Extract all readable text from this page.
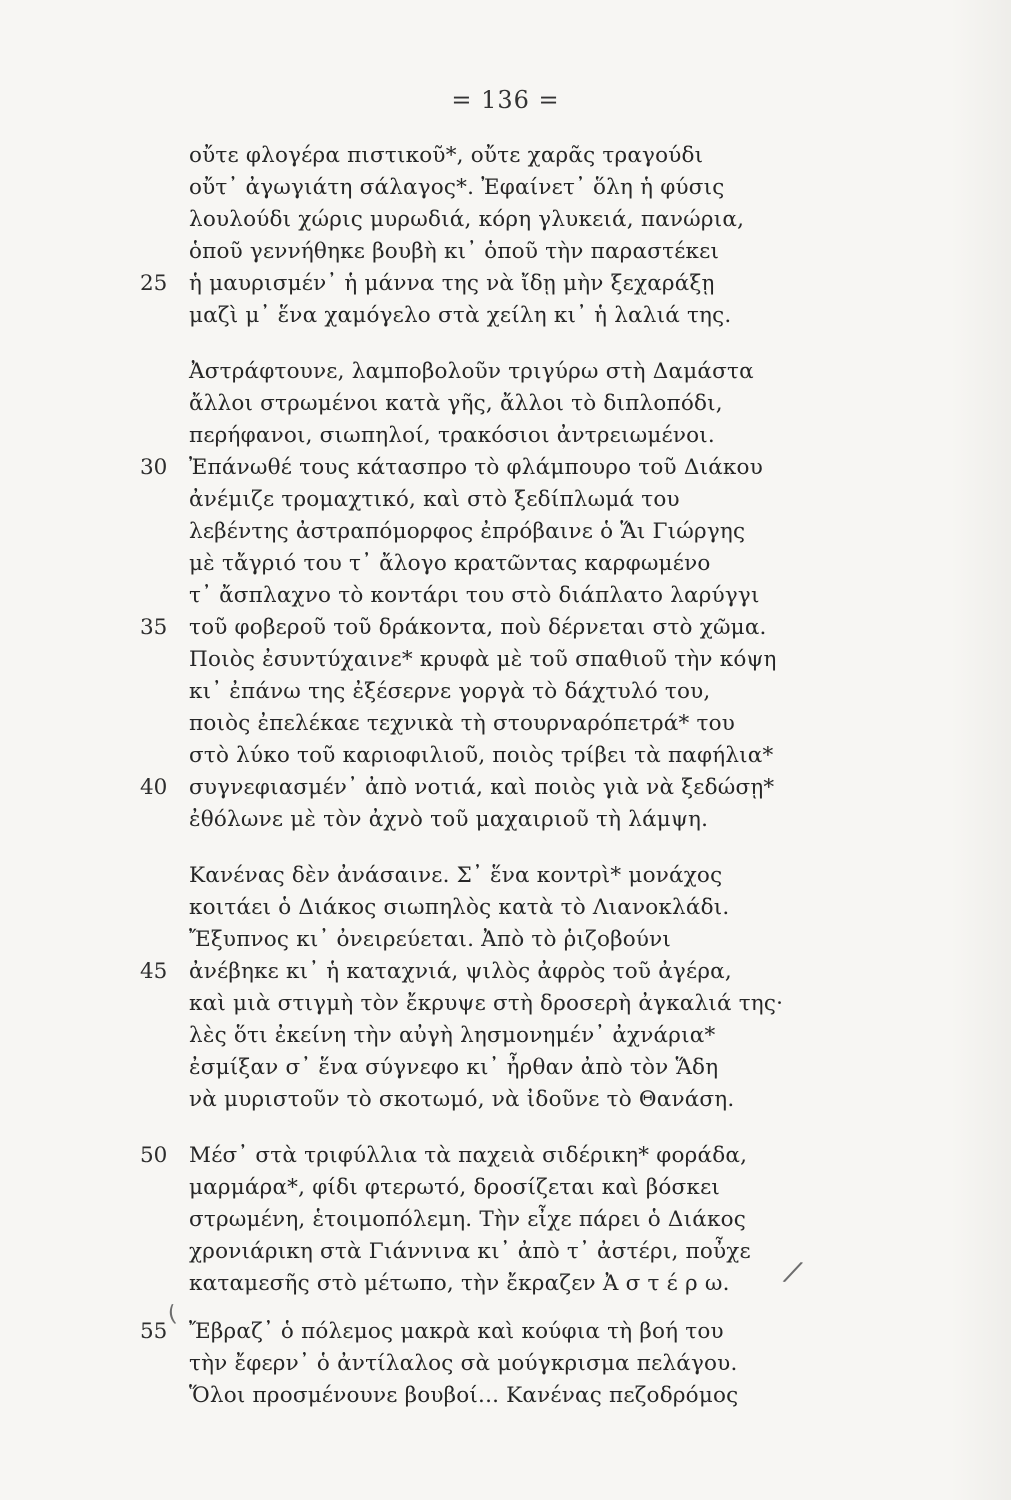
= 136 =
οὔτε φλογέρα πιστικοῦ*, οὔτε χαρᾶς τραγούδι
οὔτ᾿ ἀγωγιάτη σάλαγος*. Ἐφαίνετ᾿ ὅλη ἡ φύσις
λουλούδι χώρις μυρωδιά, κόρη γλυκειά, πανώρια,
ὁποῦ γεννήθηκε βουβὴ κι᾿ ὁποῦ τὴν παραστέκει
25 ἡ μαυρισμέν᾿ ἡ μάννα της νὰ ἴδῃ μὴν ξεχαράξῃ
μαζὶ μ᾿ ἕνα χαμόγελο στὰ χείλη κι᾿ ἡ λαλιά της.
Ἀστράφτουνε, λαμποβολοῦν τριγύρω στὴ Δαμάστα
ἄλλοι στρωμένοι κατὰ γῆς, ἄλλοι τὸ διπλοπόδι,
περήφανοι, σιωπηλοί, τρακόσιοι ἀντρειωμένοι.
30 Ἐπάνωθέ τους κάτασπρο τὸ φλάμπουρο τοῦ Διάκου
ἀνέμιζε τρομαχτικό, καὶ στὸ ξεδίπλωμά του
λεβέντης ἀστραπόμορφος ἐπρόβαινε ὁ Ἅι Γιώργης
μὲ τἄγριό του τ᾿ ἄλογο κρατῶντας καρφωμένο
τ᾿ ἄσπλαχνο τὸ κοντάρι του στὸ διάπλατο λαρύγγι
35 τοῦ φοβεροῦ τοῦ δράκοντα, ποὺ δέρνεται στὸ χῶμα.
Ποιὸς ἐσυντύχαινε* κρυφὰ μὲ τοῦ σπαθιοῦ τὴν κόψη
κι᾿ ἐπάνω της ἐξέσερνε γοργὰ τὸ δάχτυλό του,
ποιὸς ἐπελέκαε τεχνικὰ τὴ στουρναρόπετρά* του
στὸ λύκο τοῦ καριοφιλιοῦ, ποιὸς τρίβει τὰ παφήλια*
40 συγνεφιασμέν᾿ ἀπὸ νοτιά, καὶ ποιὸς γιὰ νὰ ξεδώσῃ*
ἐθόλωνε μὲ τὸν ἀχνὸ τοῦ μαχαιριοῦ τὴ λάμψη.
Κανένας δὲν ἀνάσαινε. Σ᾿ ἕνα κοντρὶ* μονάχος
κοιτάει ὁ Διάκος σιωπηλὸς κατὰ τὸ Λιανοκλάδι.
Ἔξυπνος κι᾿ ὀνειρεύεται. Ἀπὸ τὸ ῥιζοβούνι
45 ἀνέβηκε κι᾿ ἡ καταχνιά, ψιλὸς ἀφρὸς τοῦ ἀγέρα,
καὶ μιὰ στιγμὴ τὸν ἔκρυψε στὴ δροσερὴ ἀγκαλιά της·
λὲς ὅτι ἐκείνη τὴν αὐγὴ λησμονημέν᾿ ἀχνάρια*
ἐσμίξαν σ᾿ ἕνα σύγνεφο κι᾿ ἦρθαν ἀπὸ τὸν Ἅδη
νὰ μυριστοῦν τὸ σκοτωμό, νὰ ἰδοῦνε τὸ Θανάση.
50 Μέσ᾿ στὰ τριφύλλια τὰ παχειὰ σιδέρικη* φοράδα,
μαρμάρα*, φίδι φτερωτό, δροσίζεται καὶ βόσκει
στρωμένη, ἑτοιμοπόλεμη. Τὴν εἶχε πάρει ὁ Διάκος
χρονιάρικη στὰ Γιάννινα κι᾿ ἀπὸ τ᾿ ἀστέρι, ποὖχε
καταμεσῆς στὸ μέτωπο, τὴν ἔκραζεν Ἀ σ τ έ ρ ω. ⁄
55
(
Ἔβραζ᾿ ὁ πόλεμος μακρὰ καὶ κούφια τὴ βοή του
τὴν ἔφερν᾿ ὁ ἀντίλαλος σὰ μούγκρισμα πελάγου.
Ὅλοι προσμένουνε βουβοί... Κανένας πεζοδρόμος
